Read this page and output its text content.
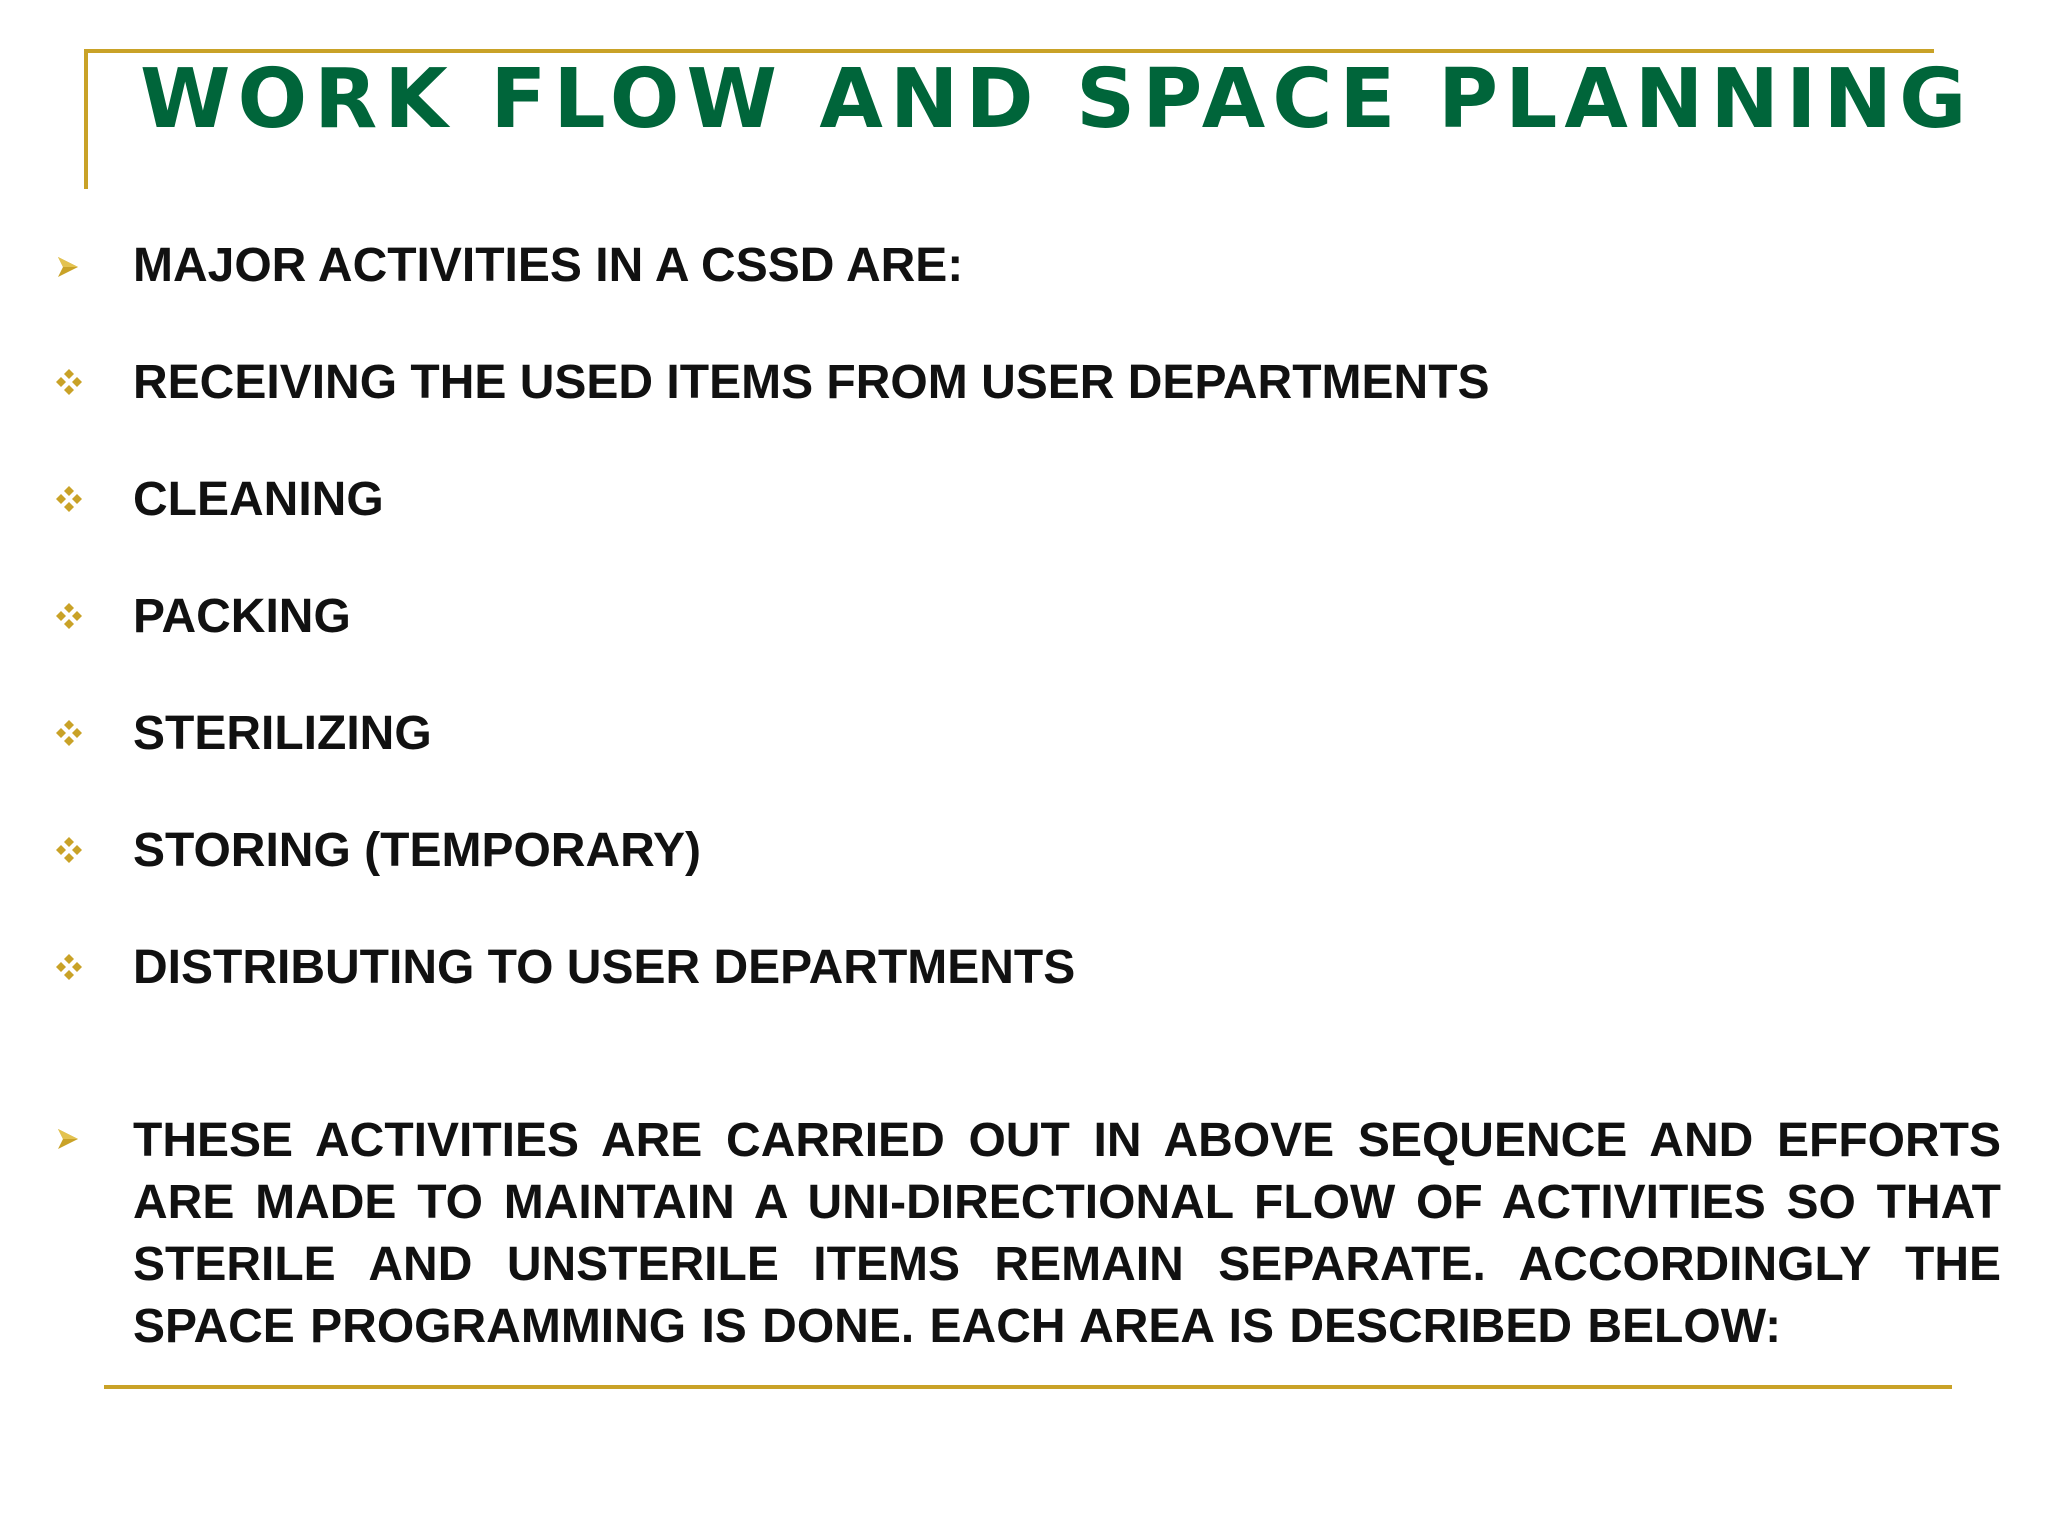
WORK FLOW AND SPACE PLANNING
MAJOR ACTIVITIES IN A CSSD ARE:
RECEIVING THE USED ITEMS FROM USER DEPARTMENTS
CLEANING
PACKING
STERILIZING
STORING (TEMPORARY)
DISTRIBUTING TO USER DEPARTMENTS
THESE ACTIVITIES ARE CARRIED OUT IN ABOVE SEQUENCE AND EFFORTS ARE MADE TO MAINTAIN A UNI-DIRECTIONAL FLOW OF ACTIVITIES SO THAT STERILE AND UNSTERILE ITEMS REMAIN SEPARATE. ACCORDINGLY THE SPACE PROGRAMMING IS DONE. EACH AREA IS DESCRIBED BELOW:
